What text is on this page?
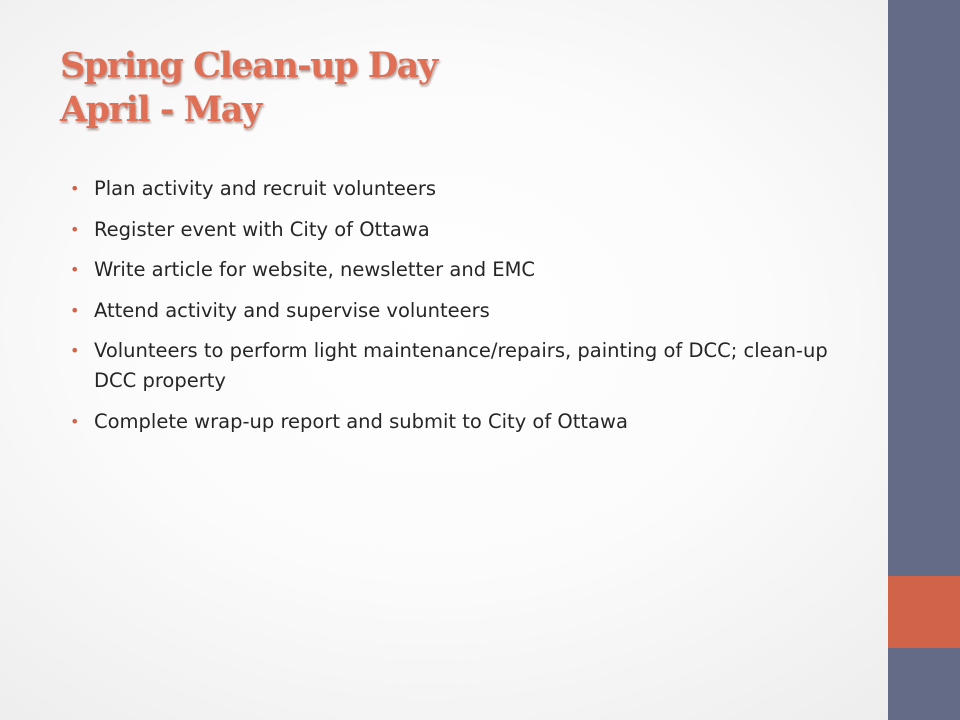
Spring Clean-up Day
April - May
• Plan activity and recruit volunteers
• Register event with City of Ottawa
• Write article for website, newsletter and EMC
• Attend activity and supervise volunteers
• Volunteers to perform light maintenance/repairs, painting of DCC; clean-up DCC property
• Complete wrap-up report and submit to City of Ottawa
